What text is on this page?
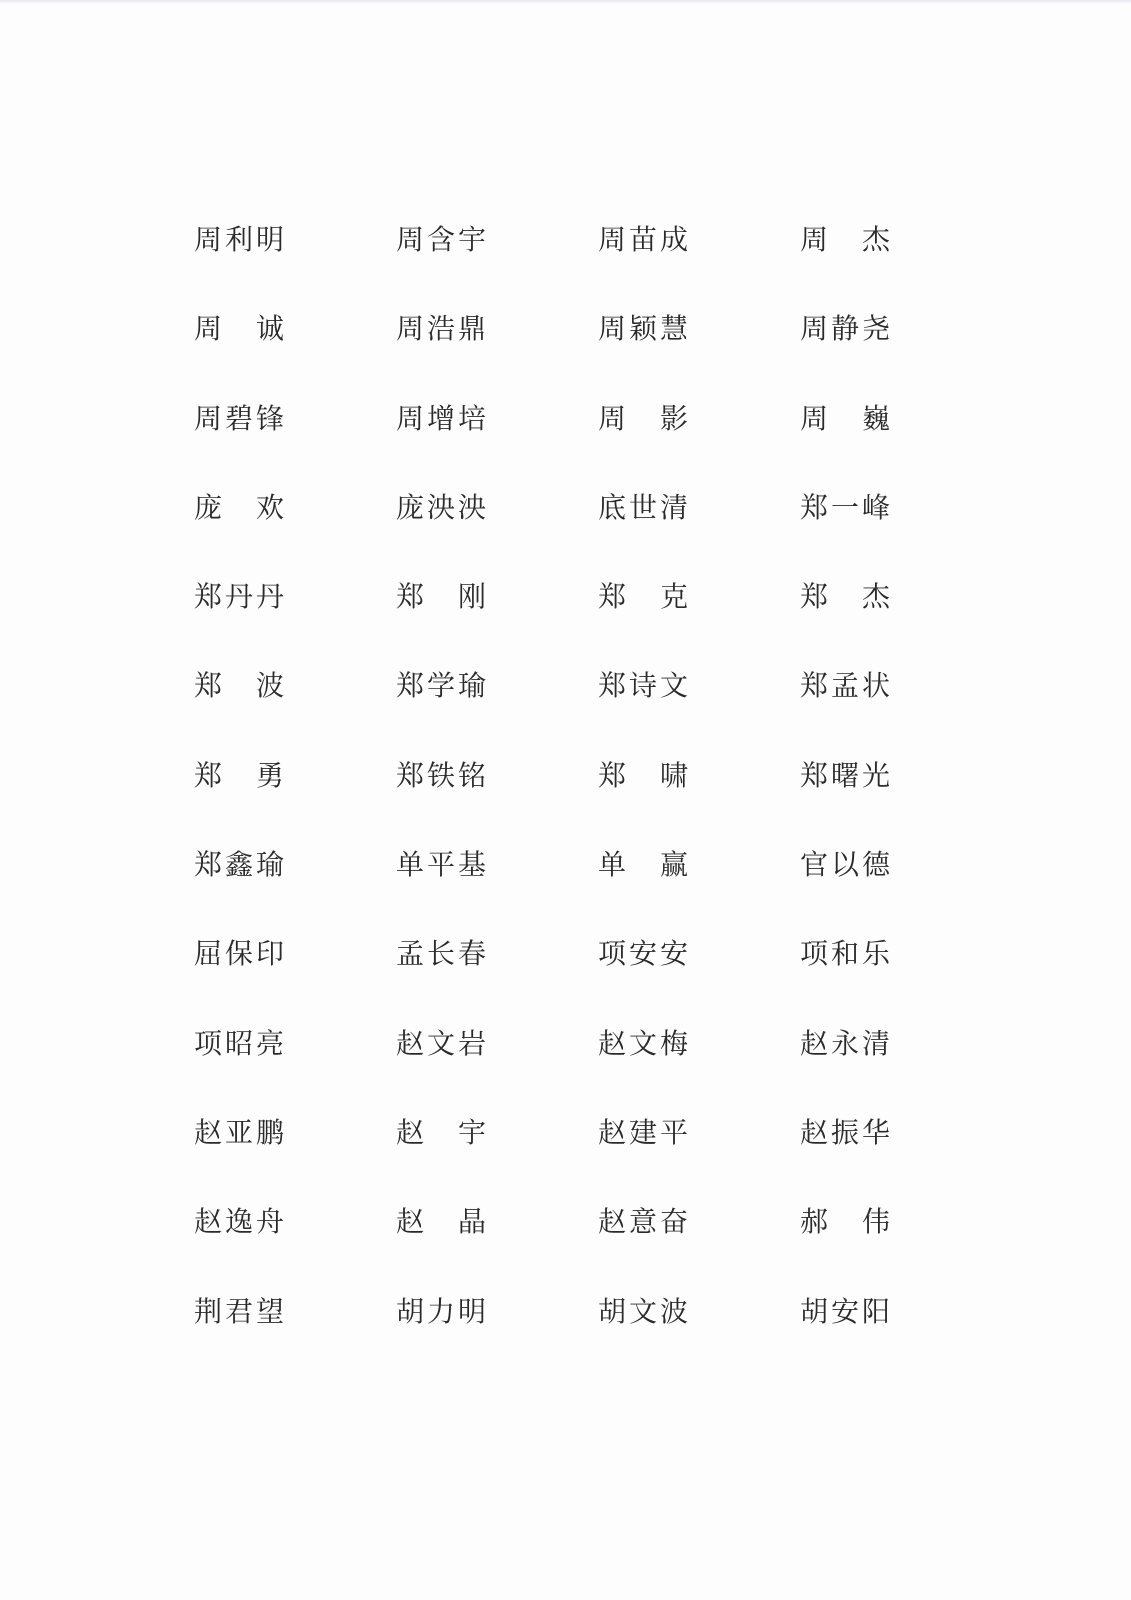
周 利 明	周 含 宇	周 苗 成	周 杰
周 诚	周 浩 鼎	周 颖 慧	周 静 尧
周 碧 锋	周 增 培	周 影	周 巍
庞 欢	庞 泱 泱	底 世 清	郑 一 峰
郑 丹 丹	郑 刚	郑 克	郑 杰
郑 波	郑 学 瑜	郑 诗 文	郑 孟 状
郑 勇	郑 铁 铭	郑 啸	郑 曙 光
郑 鑫 瑜	单 平 基	单 赢	官 以 德
屈 保 印	孟 长 春	项 安 安	项 和 乐
项 昭 亮	赵 文 岩	赵 文 梅	赵 永 清
赵 亚 鹏	赵 宇	赵 建 平	赵 振 华
赵 逸 舟	赵 晶	赵 意 奋	郝 伟
荆 君 望	胡 力 明	胡 文 波	胡 安 阳
